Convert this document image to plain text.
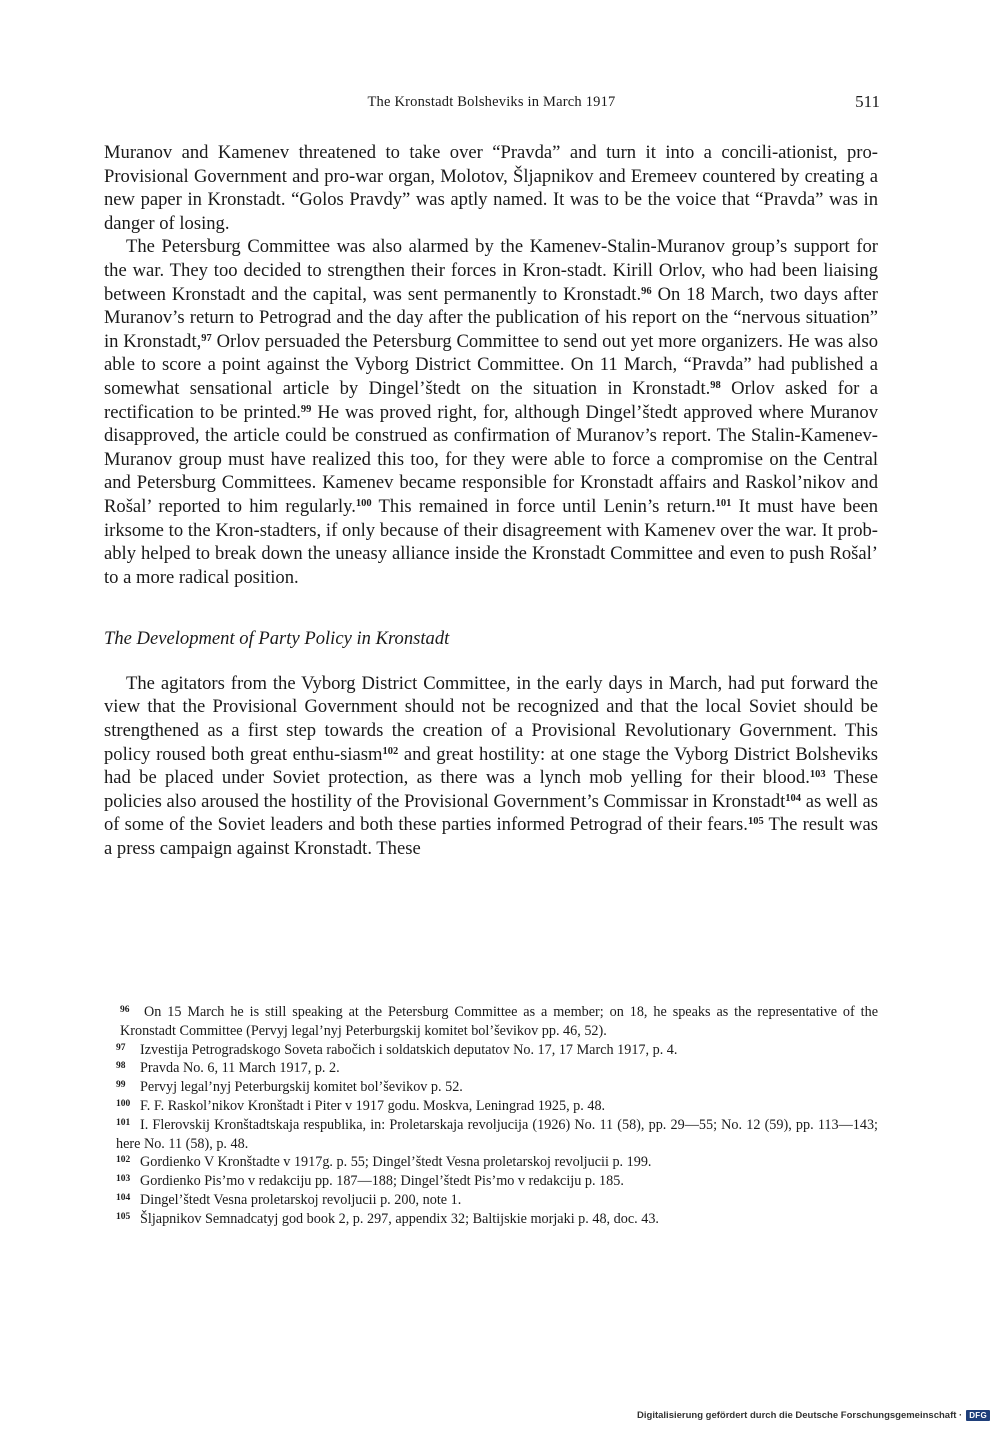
The Kronstadt Bolsheviks in March 1917	511

Muranov and Kamenev threatened to take over “Pravda” and turn it into a concili-ationist, pro-Provisional Government and pro-war organ, Molotov, Šljapnikov and Eremeev countered by creating a new paper in Kronstadt. “Golos Pravdy” was aptly named. It was to be the voice that “Pravda” was in danger of losing.

The Petersburg Committee was also alarmed by the Kamenev-Stalin-Muranov group’s support for the war. They too decided to strengthen their forces in Kron-stadt. Kirill Orlov, who had been liaising between Kronstadt and the capital, was sent permanently to Kronstadt.$^{96}$ On 18 March, two days after Muranov’s return to Petrograd and the day after the publication of his report on the “nervous situation” in Kronstadt,$^{97}$ Orlov persuaded the Petersburg Committee to send out yet more organizers. He was also able to score a point against the Vyborg District Committee. On 11 March, “Pravda” had published a somewhat sensational article by Dingel’štedt on the situation in Kronstadt.$^{98}$ Orlov asked for a rectification to be printed.$^{99}$ He was proved right, for, although Dingel’štedt approved where Muranov disapproved, the article could be construed as confirmation of Muranov’s report. The Stalin-Kamenev-Muranov group must have realized this too, for they were able to force a compromise on the Central and Petersburg Committees. Kamenev became responsible for Kronstadt affairs and Raskol’nikov and Rošal’ reported to him regularly.$^{100}$ This remained in force until Lenin’s return.$^{101}$ It must have been irksome to the Kron-stadters, if only because of their disagreement with Kamenev over the war. It prob-ably helped to break down the uneasy alliance inside the Kronstadt Committee and even to push Rošal’ to a more radical position.

The Development of Party Policy in Kronstadt

The agitators from the Vyborg District Committee, in the early days in March, had put forward the view that the Provisional Government should not be recognized and that the local Soviet should be strengthened as a first step towards the creation of a Provisional Revolutionary Government. This policy roused both great enthu-siasm$^{102}$ and great hostility: at one stage the Vyborg District Bolsheviks had be placed under Soviet protection, as there was a lynch mob yelling for their blood.$^{103}$ These policies also aroused the hostility of the Provisional Government’s Commissar in Kronstadt$^{104}$ as well as of some of the Soviet leaders and both these parties informed Petrograd of their fears.$^{105}$ The result was a press campaign against Kronstadt. These

96 On 15 March he is still speaking at the Petersburg Committee as a member; on 18, he speaks as the representative of the Kronstadt Committee (Pervyj legal’nyj Peterburgskij komitet bol’ševikov pp. 46, 52).

97 Izvestija Petrogradskogo Soveta rabočich i soldatskich deputatov No. 17, 17 March 1917, p. 4.

98 Pravda No. 6, 11 March 1917, p. 2.

99 Pervyj legal’nyj Peterburgskij komitet bol’ševikov p. 52.

100 F. F. Raskol’nikov Kronštadt i Piter v 1917 godu. Moskva, Leningrad 1925, p. 48.

101 I. Flerovskij Kronštadtskaja respublika, in: Proletarskaja revoljucija (1926) No. 11 (58), pp. 29—55; No. 12 (59), pp. 113—143; here No. 11 (58), p. 48.

102 Gordienko V Kronštadte v 1917g. p. 55; Dingel’štedt Vesna proletarskoj revoljucii p. 199.

103 Gordienko Pis’mo v redakciju pp. 187—188; Dingel’štedt Pis’mo v redakciju p. 185.

104 Dingel’štedt Vesna proletarskoj revoljucii p. 200, note 1.

105 Šljapnikov Semnadcatyj god book 2, p. 297, appendix 32; Baltijskie morjaki p. 48, doc. 43.

Digitalisierung gefördert durch die Deutsche Forschungsgemeinschaft · DFG
